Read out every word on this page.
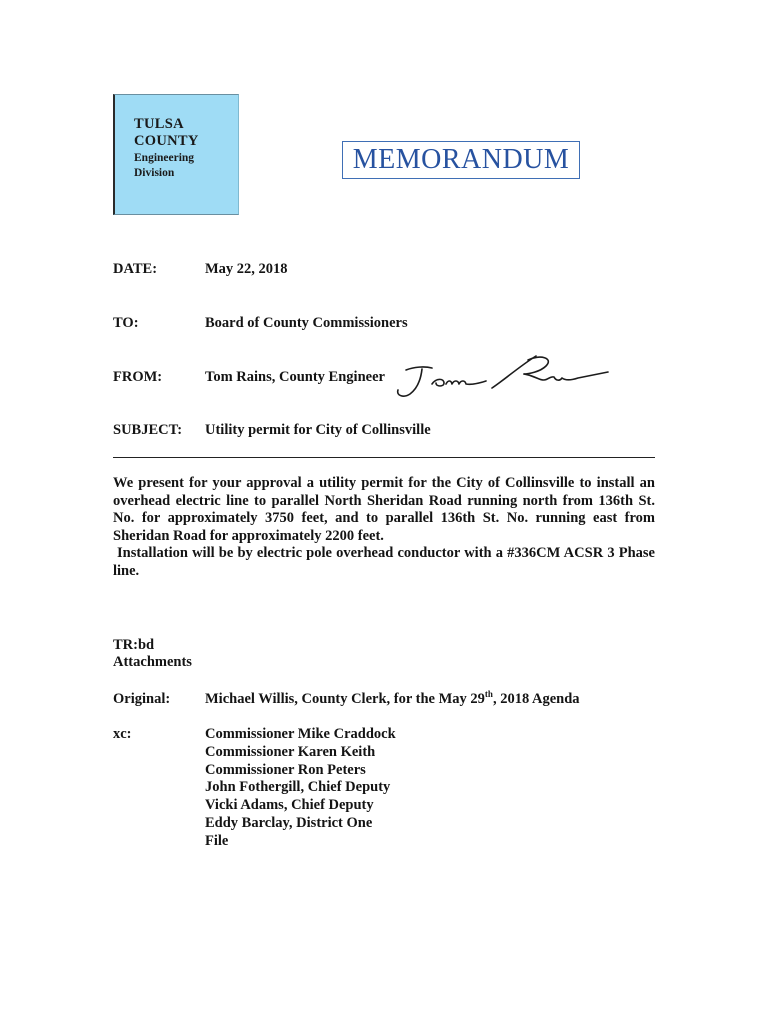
TULSA
COUNTY
Engineering
Division	MEMORANDUM
DATE:	May 22, 2018
TO:	Board of County Commissioners
FROM:	Tom Rains, County Engineer
SUBJECT: Utility permit for City of Collinsville

We present for your approval a utility permit for the City of Collinsville to install an overhead electric line to parallel North Sheridan Road running north from 136th St. No. for approximately 3750 feet, and to parallel 136th St. No. running east from Sheridan Road for approximately 2200 feet.

Installation will be by electric pole overhead conductor with a #336CM ACSR 3 Phase line.

TR:bd
Attachments
Original: Michael Willis, County Clerk, for the May 29th, 2018 Agenda
xc:	Commissioner Mike Craddock
Commissioner Karen Keith
Commissioner Ron Peters
John Fothergill, Chief Deputy
Vicki Adams, Chief Deputy
Eddy Barclay, District One
File
